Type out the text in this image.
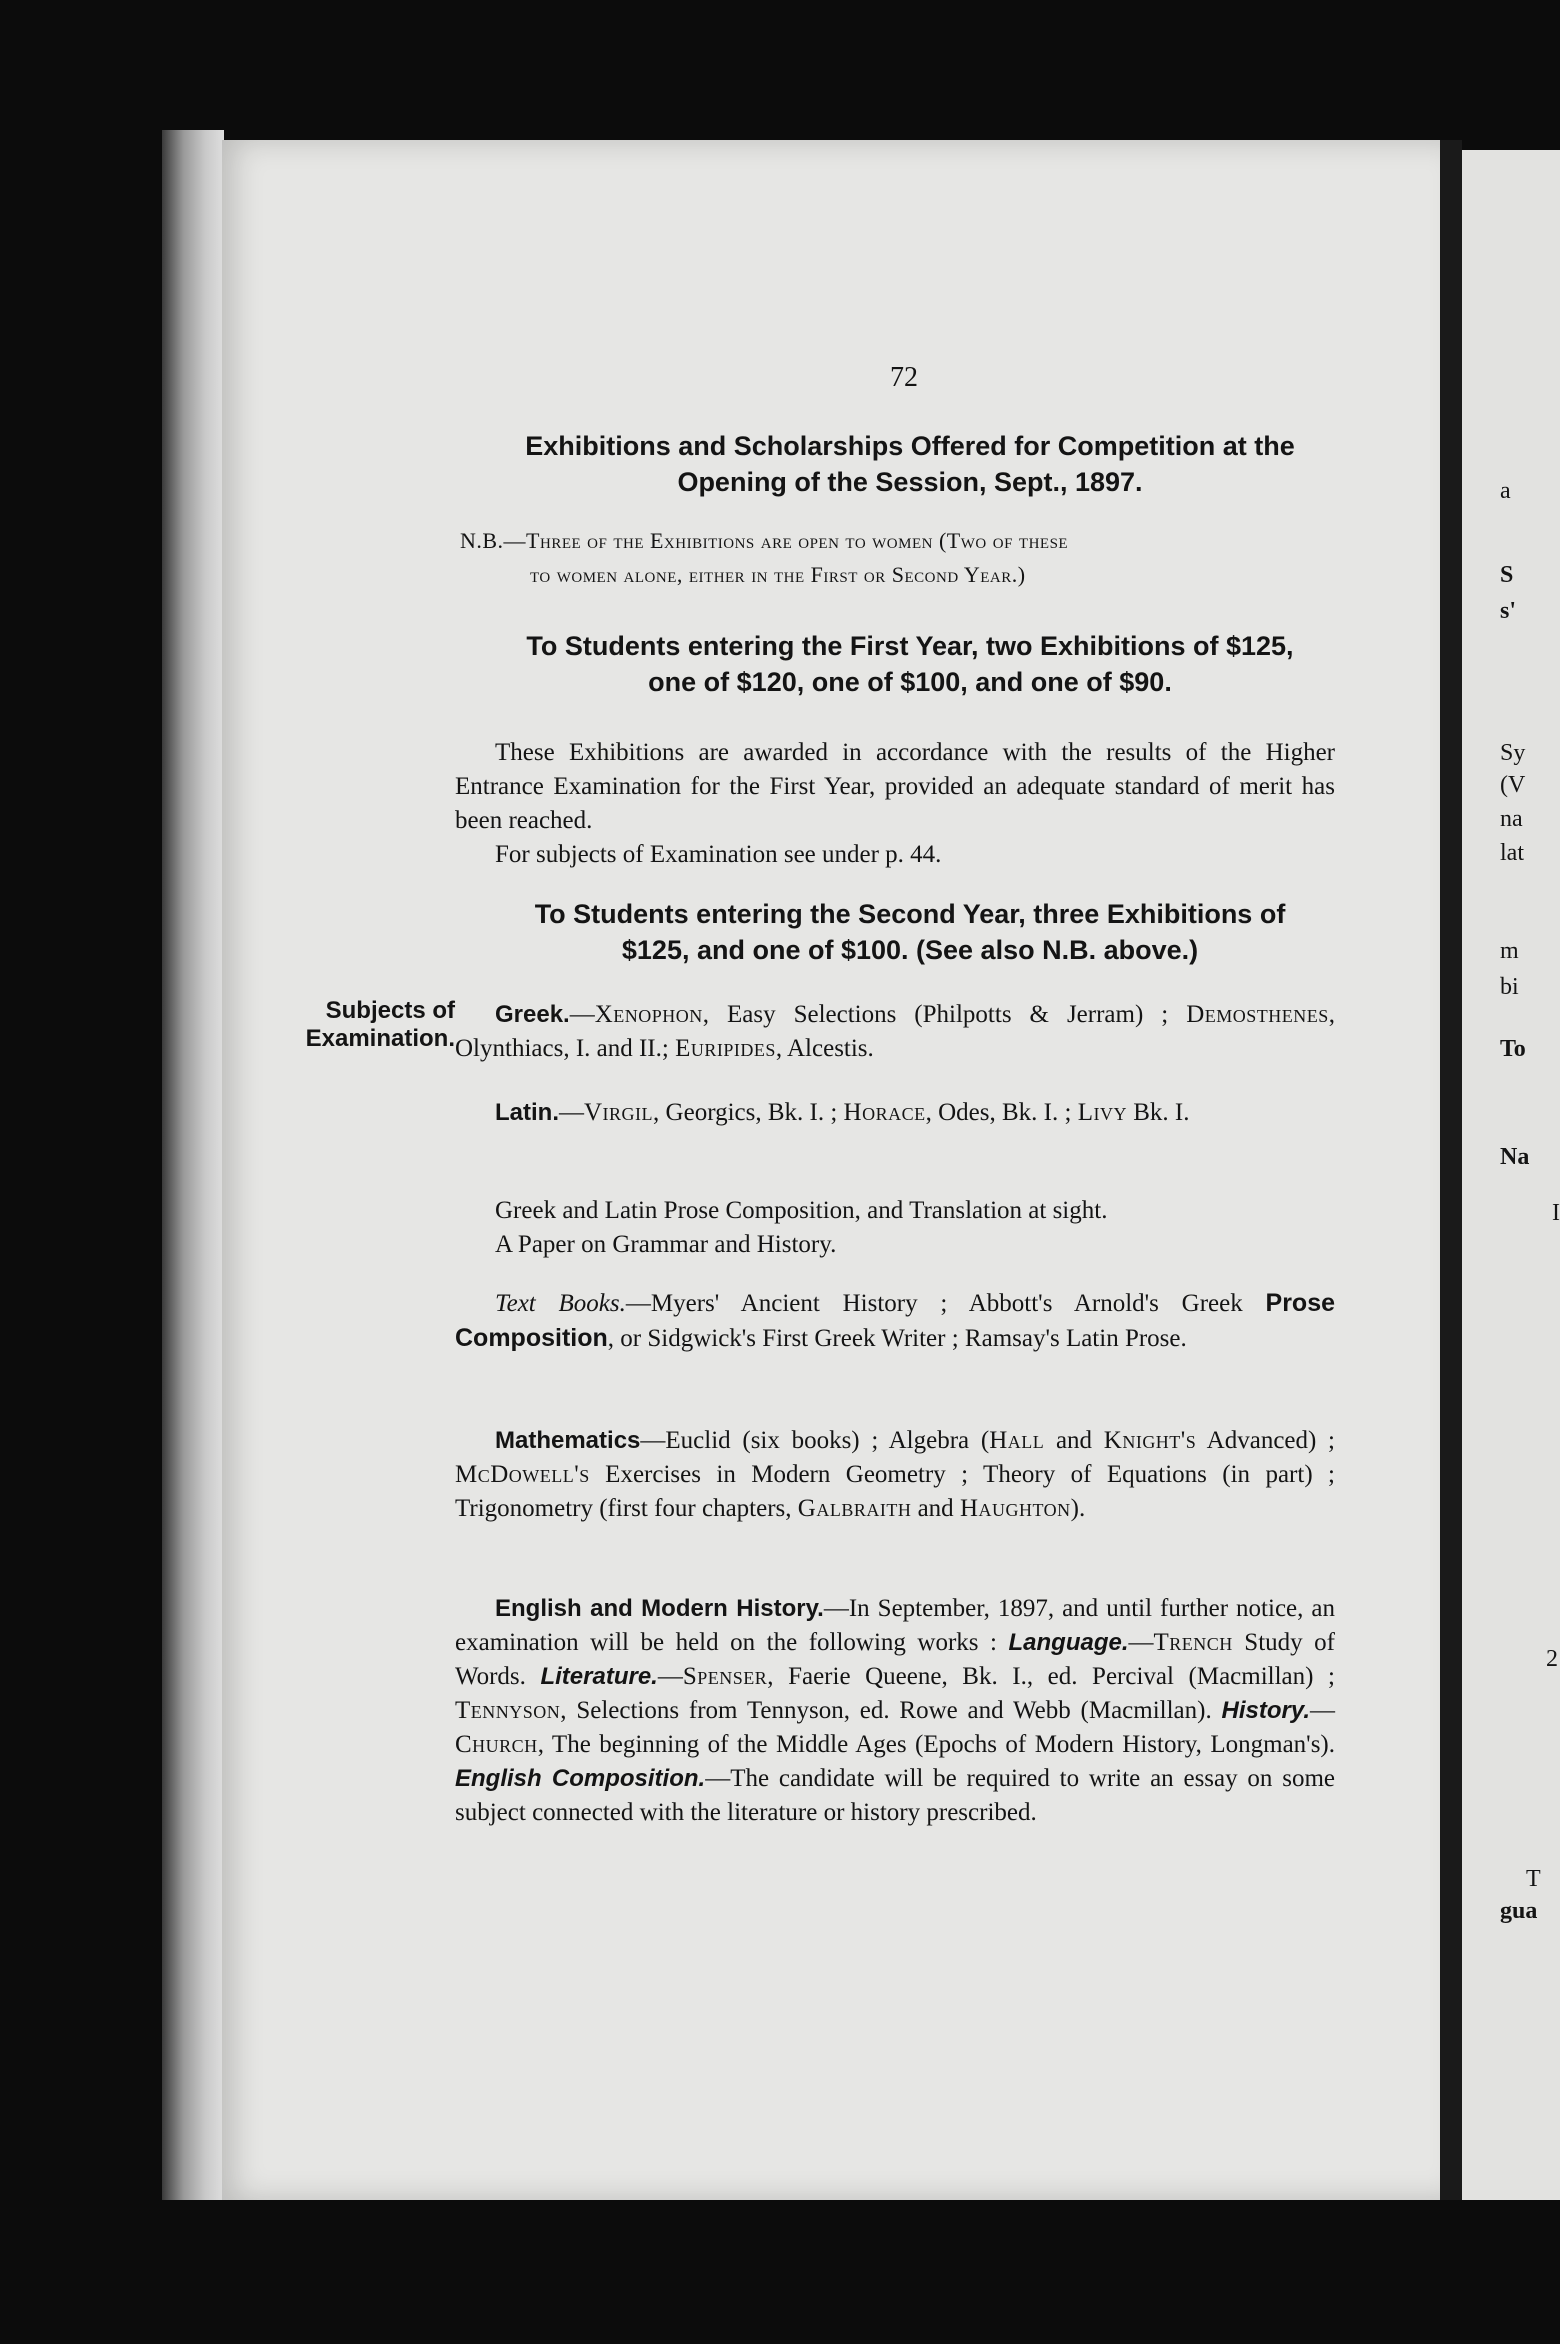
a
S
s'
Sy
(V
na
lat
m
bi
To
Na
I
2
T
gua
72
Exhibitions and Scholarships Offered for Competition at the
Opening of the Session, Sept., 1897.
N.B.—Three of the Exhibitions are open to women (Two of these
to women alone, either in the First or Second Year.)
To Students entering the First Year, two Exhibitions of $125,
one of $120, one of $100, and one of $90.

These Exhibitions are awarded in accordance with the results of the Higher Entrance Examination for the First Year, provided an adequate standard of merit has been reached.

For subjects of Examination see under p. 44.

To Students entering the Second Year, three Exhibitions of
$125, and one of $100. (See also N.B. above.)
Subjects of Examination.

Greek.—Xenophon, Easy Selections (Philpotts & Jerram) ; Demosthenes, Olynthiacs, I. and II.; Euripides, Alcestis.

Latin.—Virgil, Georgics, Bk. I. ; Horace, Odes, Bk. I. ; Livy Bk. I.

Greek and Latin Prose Composition, and Translation at sight.

A Paper on Grammar and History.

Text Books.—Myers' Ancient History ; Abbott's Arnold's Greek Prose Composition, or Sidgwick's First Greek Writer ; Ramsay's Latin Prose.

Mathematics—Euclid (six books) ; Algebra (Hall and Knight's Advanced) ; McDowell's Exercises in Modern Geometry ; Theory of Equations (in part) ; Trigonometry (first four chapters, Galbraith and Haughton).

English and Modern History.—In September, 1897, and until further notice, an examination will be held on the following works : Language.—Trench Study of Words. Literature.—Spenser, Faerie Queene, Bk. I., ed. Percival (Macmillan) ; Tennyson, Selections from Tennyson, ed. Rowe and Webb (Macmillan). History.— Church, The beginning of the Middle Ages (Epochs of Modern History, Longman's). English Composition.—The candidate will be required to write an essay on some subject connected with the literature or history prescribed.
